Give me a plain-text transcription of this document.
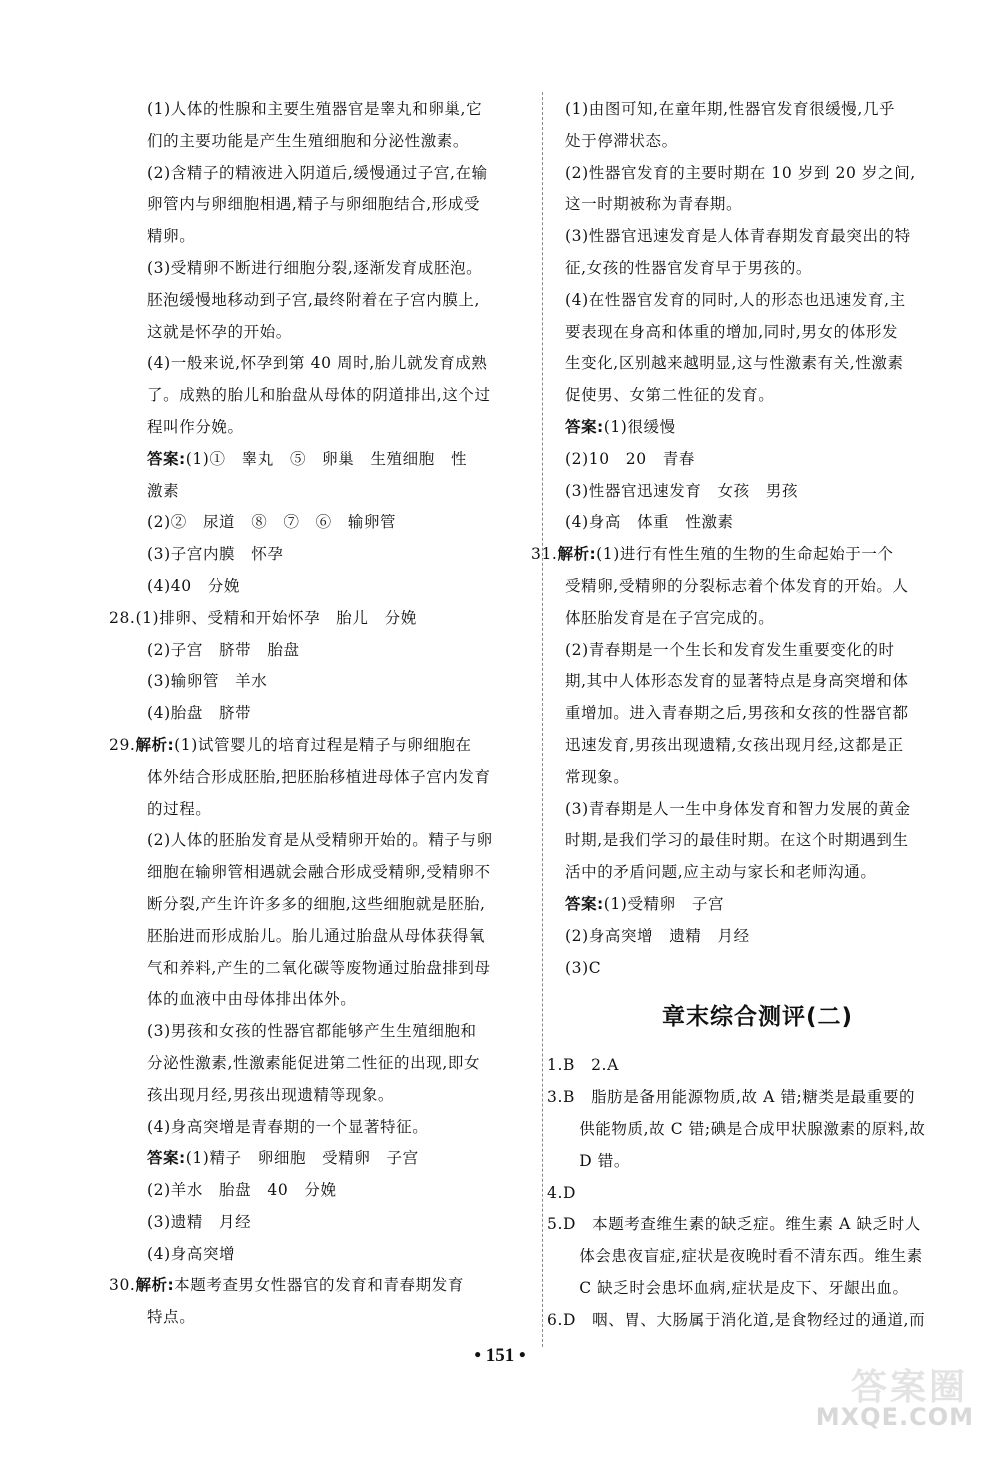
(1)人体的性腺和主要生殖器官是睾丸和卵巢,它
们的主要功能是产生生殖细胞和分泌性激素。
(2)含精子的精液进入阴道后,缓慢通过子宫,在输
卵管内与卵细胞相遇,精子与卵细胞结合,形成受
精卵。
(3)受精卵不断进行细胞分裂,逐渐发育成胚泡。
胚泡缓慢地移动到子宫,最终附着在子宫内膜上,
这就是怀孕的开始。
(4)一般来说,怀孕到第 40 周时,胎儿就发育成熟
了。成熟的胎儿和胎盘从母体的阴道排出,这个过
程叫作分娩。
答案:(1)①　睾丸　⑤　卵巢　生殖细胞　性
激素
(2)②　尿道　⑧　⑦　⑥　输卵管
(3)子宫内膜　怀孕
(4)40　分娩
28.(1)排卵、受精和开始怀孕　胎儿　分娩
(2)子宫　脐带　胎盘
(3)输卵管　羊水
(4)胎盘　脐带
29.解析:(1)试管婴儿的培育过程是精子与卵细胞在
体外结合形成胚胎,把胚胎移植进母体子宫内发育
的过程。
(2)人体的胚胎发育是从受精卵开始的。精子与卵
细胞在输卵管相遇就会融合形成受精卵,受精卵不
断分裂,产生许许多多的细胞,这些细胞就是胚胎,
胚胎进而形成胎儿。胎儿通过胎盘从母体获得氧
气和养料,产生的二氧化碳等废物通过胎盘排到母
体的血液中由母体排出体外。
(3)男孩和女孩的性器官都能够产生生殖细胞和
分泌性激素,性激素能促进第二性征的出现,即女
孩出现月经,男孩出现遗精等现象。
(4)身高突增是青春期的一个显著特征。
答案:(1)精子　卵细胞　受精卵　子宫
(2)羊水　胎盘　40　分娩
(3)遗精　月经
(4)身高突增
30.解析:本题考查男女性器官的发育和青春期发育
特点。
(1)由图可知,在童年期,性器官发育很缓慢,几乎
处于停滞状态。
(2)性器官发育的主要时期在 10 岁到 20 岁之间,
这一时期被称为青春期。
(3)性器官迅速发育是人体青春期发育最突出的特
征,女孩的性器官发育早于男孩的。
(4)在性器官发育的同时,人的形态也迅速发育,主
要表现在身高和体重的增加,同时,男女的体形发
生变化,区别越来越明显,这与性激素有关,性激素
促使男、女第二性征的发育。
答案:(1)很缓慢
(2)10　20　青春
(3)性器官迅速发育　女孩　男孩
(4)身高　体重　性激素
31.解析:(1)进行有性生殖的生物的生命起始于一个
受精卵,受精卵的分裂标志着个体发育的开始。人
体胚胎发育是在子宫完成的。
(2)青春期是一个生长和发育发生重要变化的时
期,其中人体形态发育的显著特点是身高突增和体
重增加。进入青春期之后,男孩和女孩的性器官都
迅速发育,男孩出现遗精,女孩出现月经,这都是正
常现象。
(3)青春期是人一生中身体发育和智力发展的黄金
时期,是我们学习的最佳时期。在这个时期遇到生
活中的矛盾问题,应主动与家长和老师沟通。
答案:(1)受精卵　子宫
(2)身高突增　遗精　月经
(3)C
章末综合测评(二)
1.B　2.A
3.B　脂肪是备用能源物质,故 A 错;糖类是最重要的
　　供能物质,故 C 错;碘是合成甲状腺激素的原料,故
　　D 错。
4.D
5.D　本题考查维生素的缺乏症。维生素 A 缺乏时人
　　体会患夜盲症,症状是夜晚时看不清东西。维生素
　　C 缺乏时会患坏血病,症状是皮下、牙龈出血。
6.D　咽、胃、大肠属于消化道,是食物经过的通道,而
• 151 •
答案圈
MXQE.COM
